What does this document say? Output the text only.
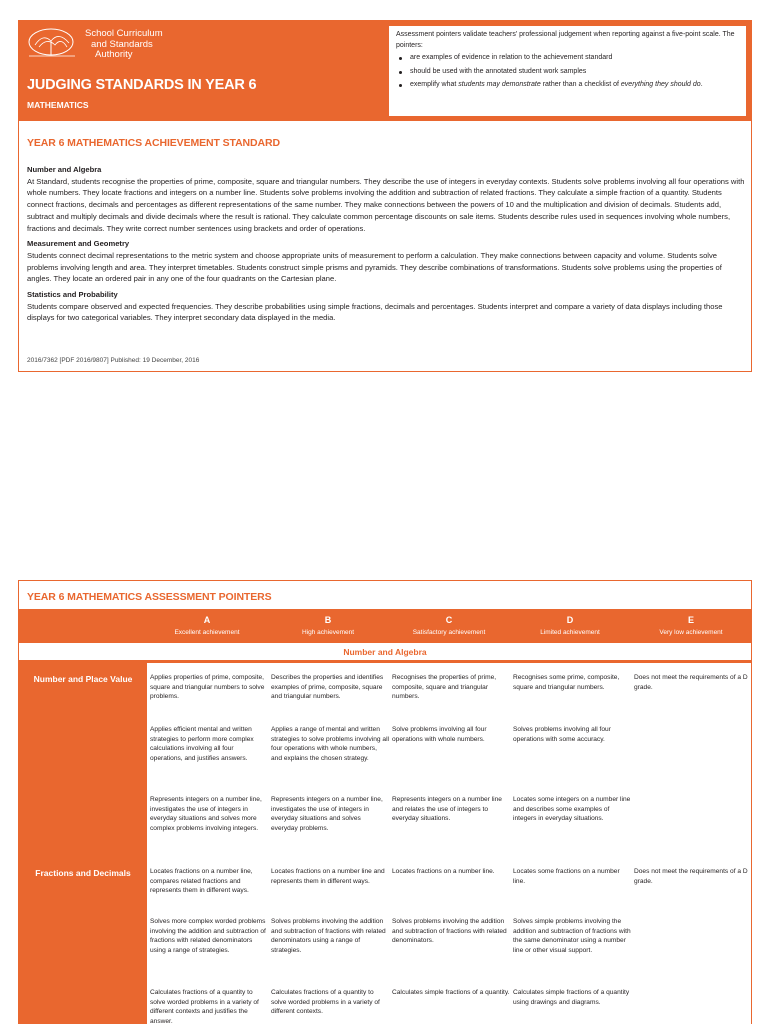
School Curriculum
and Standards
Authority
JUDGING STANDARDS IN YEAR 6
MATHEMATICS
Assessment pointers validate teachers' professional judgement when reporting against a five-point scale. The pointers:
are examples of evidence in relation to the achievement standard
should be used with the annotated student work samples
exemplify what students may demonstrate rather than a checklist of everything they should do.
YEAR 6 MATHEMATICS ACHIEVEMENT STANDARD
Number and Algebra
At Standard, students recognise the properties of prime, composite, square and triangular numbers. They describe the use of integers in everyday contexts. Students solve problems involving all four operations with whole numbers. They locate fractions and integers on a number line. Students solve problems involving the addition and subtraction of related fractions. They calculate a simple fraction of a quantity. Students connect fractions, decimals and percentages as different representations of the same number. They make connections between the powers of 10 and the multiplication and division of decimals. Students add, subtract and multiply decimals and divide decimals where the result is rational. They calculate common percentage discounts on sale items. Students describe rules used in sequences involving whole numbers, fractions and decimals. They write correct number sentences using brackets and order of operations.
Measurement and Geometry
Students connect decimal representations to the metric system and choose appropriate units of measurement to perform a calculation. They make connections between capacity and volume. Students solve problems involving length and area. They interpret timetables. Students construct simple prisms and pyramids. They describe combinations of transformations. Students solve problems using the properties of angles. They locate an ordered pair in any one of the four quadrants on the Cartesian plane.
Statistics and Probability
Students compare observed and expected frequencies. They describe probabilities using simple fractions, decimals and percentages. Students interpret and compare a variety of data displays including those displays for two categorical variables. They interpret secondary data displayed in the media.
2016/7362 [PDF 2016/9807] Published: 19 December, 2016
YEAR 6 MATHEMATICS ASSESSMENT POINTERS
A
Excellent achievement
B
High achievement
C
Satisfactory achievement
D
Limited achievement
E
Very low achievement
Number and Algebra
Number and Place Value
Fractions and Decimals
Applies properties of prime, composite, square and triangular numbers to solve problems.
Describes the properties and identifies examples of prime, composite, square and triangular numbers.
Recognises the properties of prime, composite, square and triangular numbers.
Recognises some prime, composite, square and triangular numbers.
Does not meet the requirements of a D grade.
Applies efficient mental and written strategies to perform more complex calculations involving all four operations, and justifies answers.
Applies a range of mental and written strategies to solve problems involving all four operations with whole numbers, and explains the chosen strategy.
Solve problems involving all four operations with whole numbers.
Solves problems involving all four operations with some accuracy.
Represents integers on a number line, investigates the use of integers in everyday situations and solves more complex problems involving integers.
Represents integers on a number line, investigates the use of integers in everyday situations and solves everyday problems.
Represents integers on a number line and relates the use of integers to everyday situations.
Locates some integers on a number line and describes some examples of integers in everyday situations.
Locates fractions on a number line, compares related fractions and represents them in different ways.
Locates fractions on a number line and represents them in different ways.
Locates fractions on a number line.	Locates some fractions on a number line.
Does not meet the requirements of a D grade.
Solves more complex worded problems involving the addition and subtraction of fractions with related denominators using a range of strategies.
Solves problems involving the addition and subtraction of fractions with related denominators using a range of strategies.
Solves problems involving the addition and subtraction of fractions with related denominators.
Solves simple problems involving the addition and subtraction of fractions with the same denominator using a number line or other visual support.
Calculates fractions of a quantity to solve worded problems in a variety of different contexts and justifies the answer.
Calculates fractions of a quantity to solve worded problems in a variety of different contexts.
Calculates simple fractions of a quantity. Calculates simple fractions of a quantity using drawings and diagrams.
